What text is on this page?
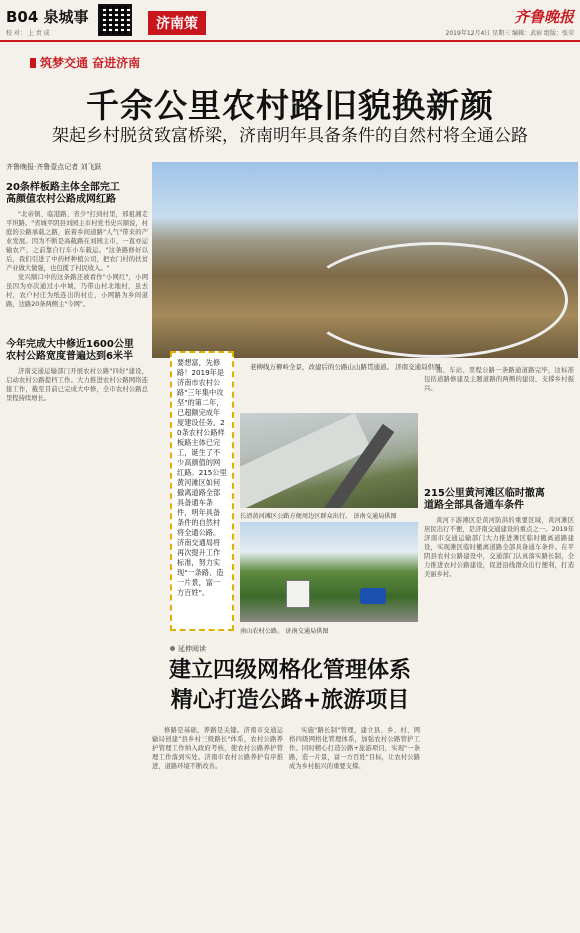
B04 泉城事	济南策
校 对： 上 责 成
齐鲁晚报
2019年12月4日 星期三 编辑：武宿 组版：张荣
筑梦交通 奋进济南
千余公里农村路旧貌换新颜
架起乡村脱贫致富桥梁，济南明年具备条件的自然村将全通公路
齐鲁晚报·齐鲁壹点记者 刘飞跃
20条样板路主体全部完工
高颜值农村公路成网红路

"北帝镇、临港路、省少"打到村里，邢祖湘走平坦路。"省城平阴县刘园主市村党书史兴顺说，村庭的公路承载之路，嵌着乡间道路"人气"带来的产业发展。因为不断是高截路在刘园主市，一直亦运输农产，之前靠自行车小车载运。"这条路修好以后，我们引进了中药材种植公司，把农门村的扶贫产业做大做强，也包揽了村民收入。"

党兴顺口中的这条路还被看作"小网红"，小网虽因为亦次通过小中城，乃带山村北地村，虽去村，农户村庄为纸连出的村庄，小网路为乡间道路，边路20条两侧主"今网"。

今年完成大中修近1600公里
农村公路宽度普遍达到6米半

济南交通运输部门开展农村公路"四好"建设，启动农村公路提档工作。大力推进农村公路网络连接工作，截至目前已完成大中修，全市农村公路总里程持续增长。

老柳线万柳岭全景，改建后的公路山山路贯通道。 济南交通局供图

要想富，先修路！2019年是济南市农村公路"三年集中攻坚"的第二年，已超额完成年度建设任务，20条农村公路样板路主体已完工，诞生了不少高颜值的网红路。215公里黄河滩区如何撤离道路全部具备通车条件，明年具备条件的自然村将全通公路。济南交通局将再次提升工作标准，努力实现"一条路、造一片景，富一方百姓"。

长清黄河滩区公路方便周边区群众出行。 济南交通局供图
南山农村公路。 济南交通局供图

南、车站、里程公路一条路通道路完毕，这标准包括道路修建及主题道路的两侧的建设，支撑乡村振兴。

215公里黄河滩区临时撤离
道路全部具备通车条件

黄河下游滩区是黄河防洪的重要区域，黄河滩区居民出行不便，是济南交通建设的重点之一。2019年济南市交通运输部门大力推进滩区临时撤离道路建设，实现滩区临时撤离道路全部具备通车条件。在平阴县农村公路建设中，交通部门认真落实路长制，全力推进农村公路建设，促进沿线群众出行便利，打造美丽乡村。

延伸阅读
建立四级网格化管理体系
精心打造公路+旅游项目

修路是基础，养路是关键。济南市交通运输局创建"县乡村三级路长"体系，农村公路养护管理工作纳入政府考核，使农村公路养护管理工作落到实处。济南市农村公路养护有序推进，道路环境不断改善。

实施"路长制"管理，建立县、乡、村、网格四级网格化管理体系，加强农村公路管护工作。同时精心打造公路+旅游项目，实现"一条路，造一片景，富一方百姓"目标，让农村公路成为乡村振兴的重要支撑。
